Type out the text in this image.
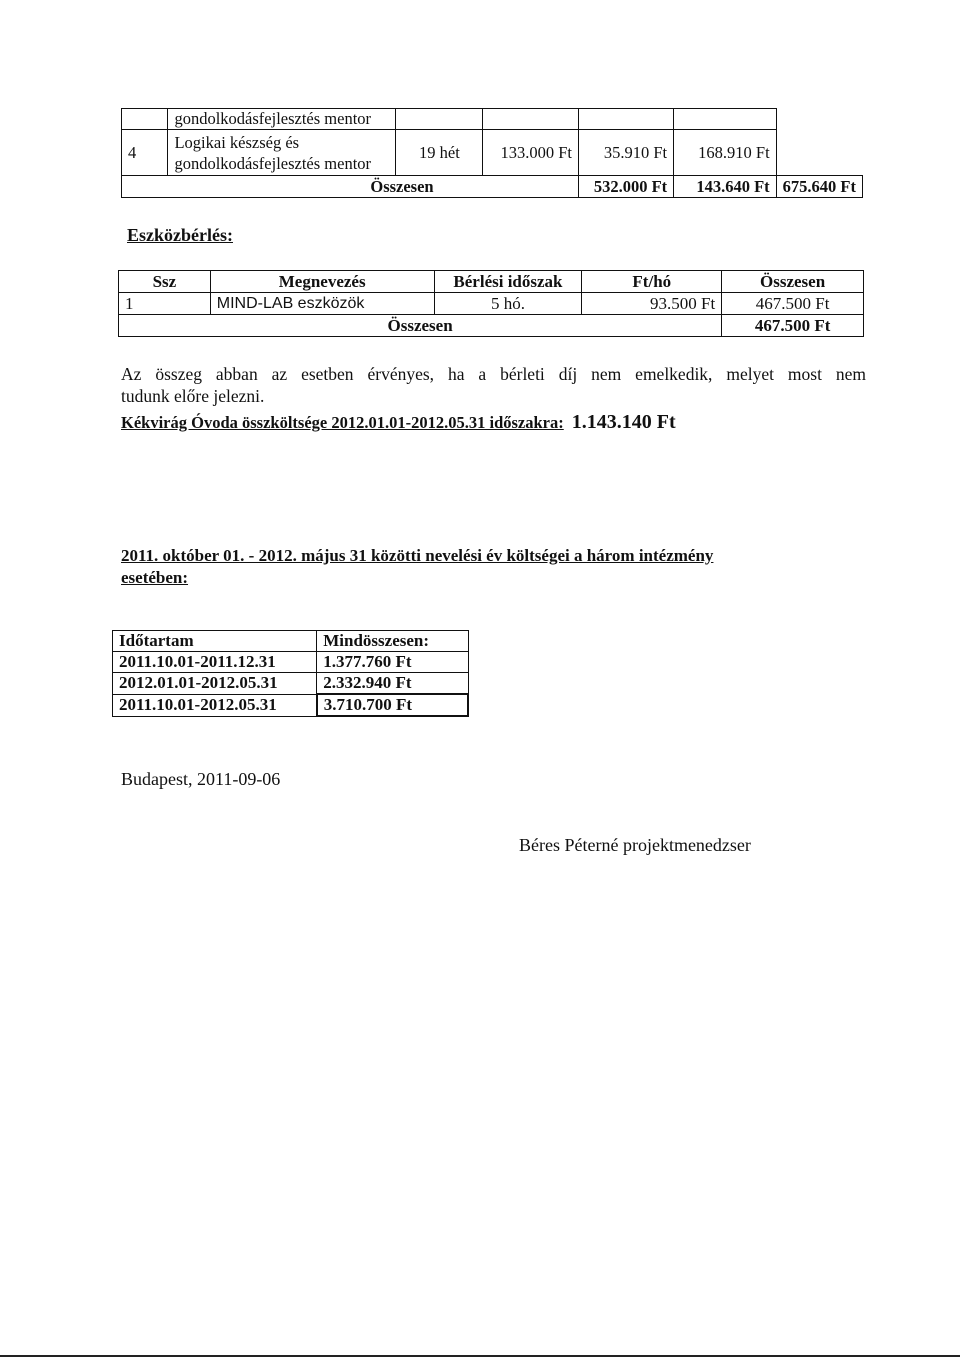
	gondolkodásfejlesztés mentor					
4	Logikai készség és
gondolkodásfejlesztés mentor	19 hét	133.000 Ft	35.910 Ft	168.910 Ft	
Összesen				532.000 Ft	143.640 Ft	675.640 Ft
Eszközbérlés:
Ssz	Megnevezés	Bérlési időszak	Ft/hó	Összesen
1	MIND-LAB eszközök	5 hó.	93.500 Ft	467.500 Ft
Összesen				467.500 Ft
Az összeg abban az esetben érvényes, ha a bérleti díj nem emelkedik, melyet most nem
tudunk előre jelezni.
Kékvirág Óvoda összköltsége 2012.01.01-2012.05.31 időszakra: 1.143.140 Ft
2011. október 01. - 2012. május 31 közötti nevelési év költségei a három intézmény
esetében:
Időtartam	Mindösszesen:
2011.10.01-2011.12.31	1.377.760 Ft
2012.01.01-2012.05.31	2.332.940 Ft
2011.10.01-2012.05.31	3.710.700 Ft
Budapest, 2011-09-06
Béres Péterné projektmenedzser
